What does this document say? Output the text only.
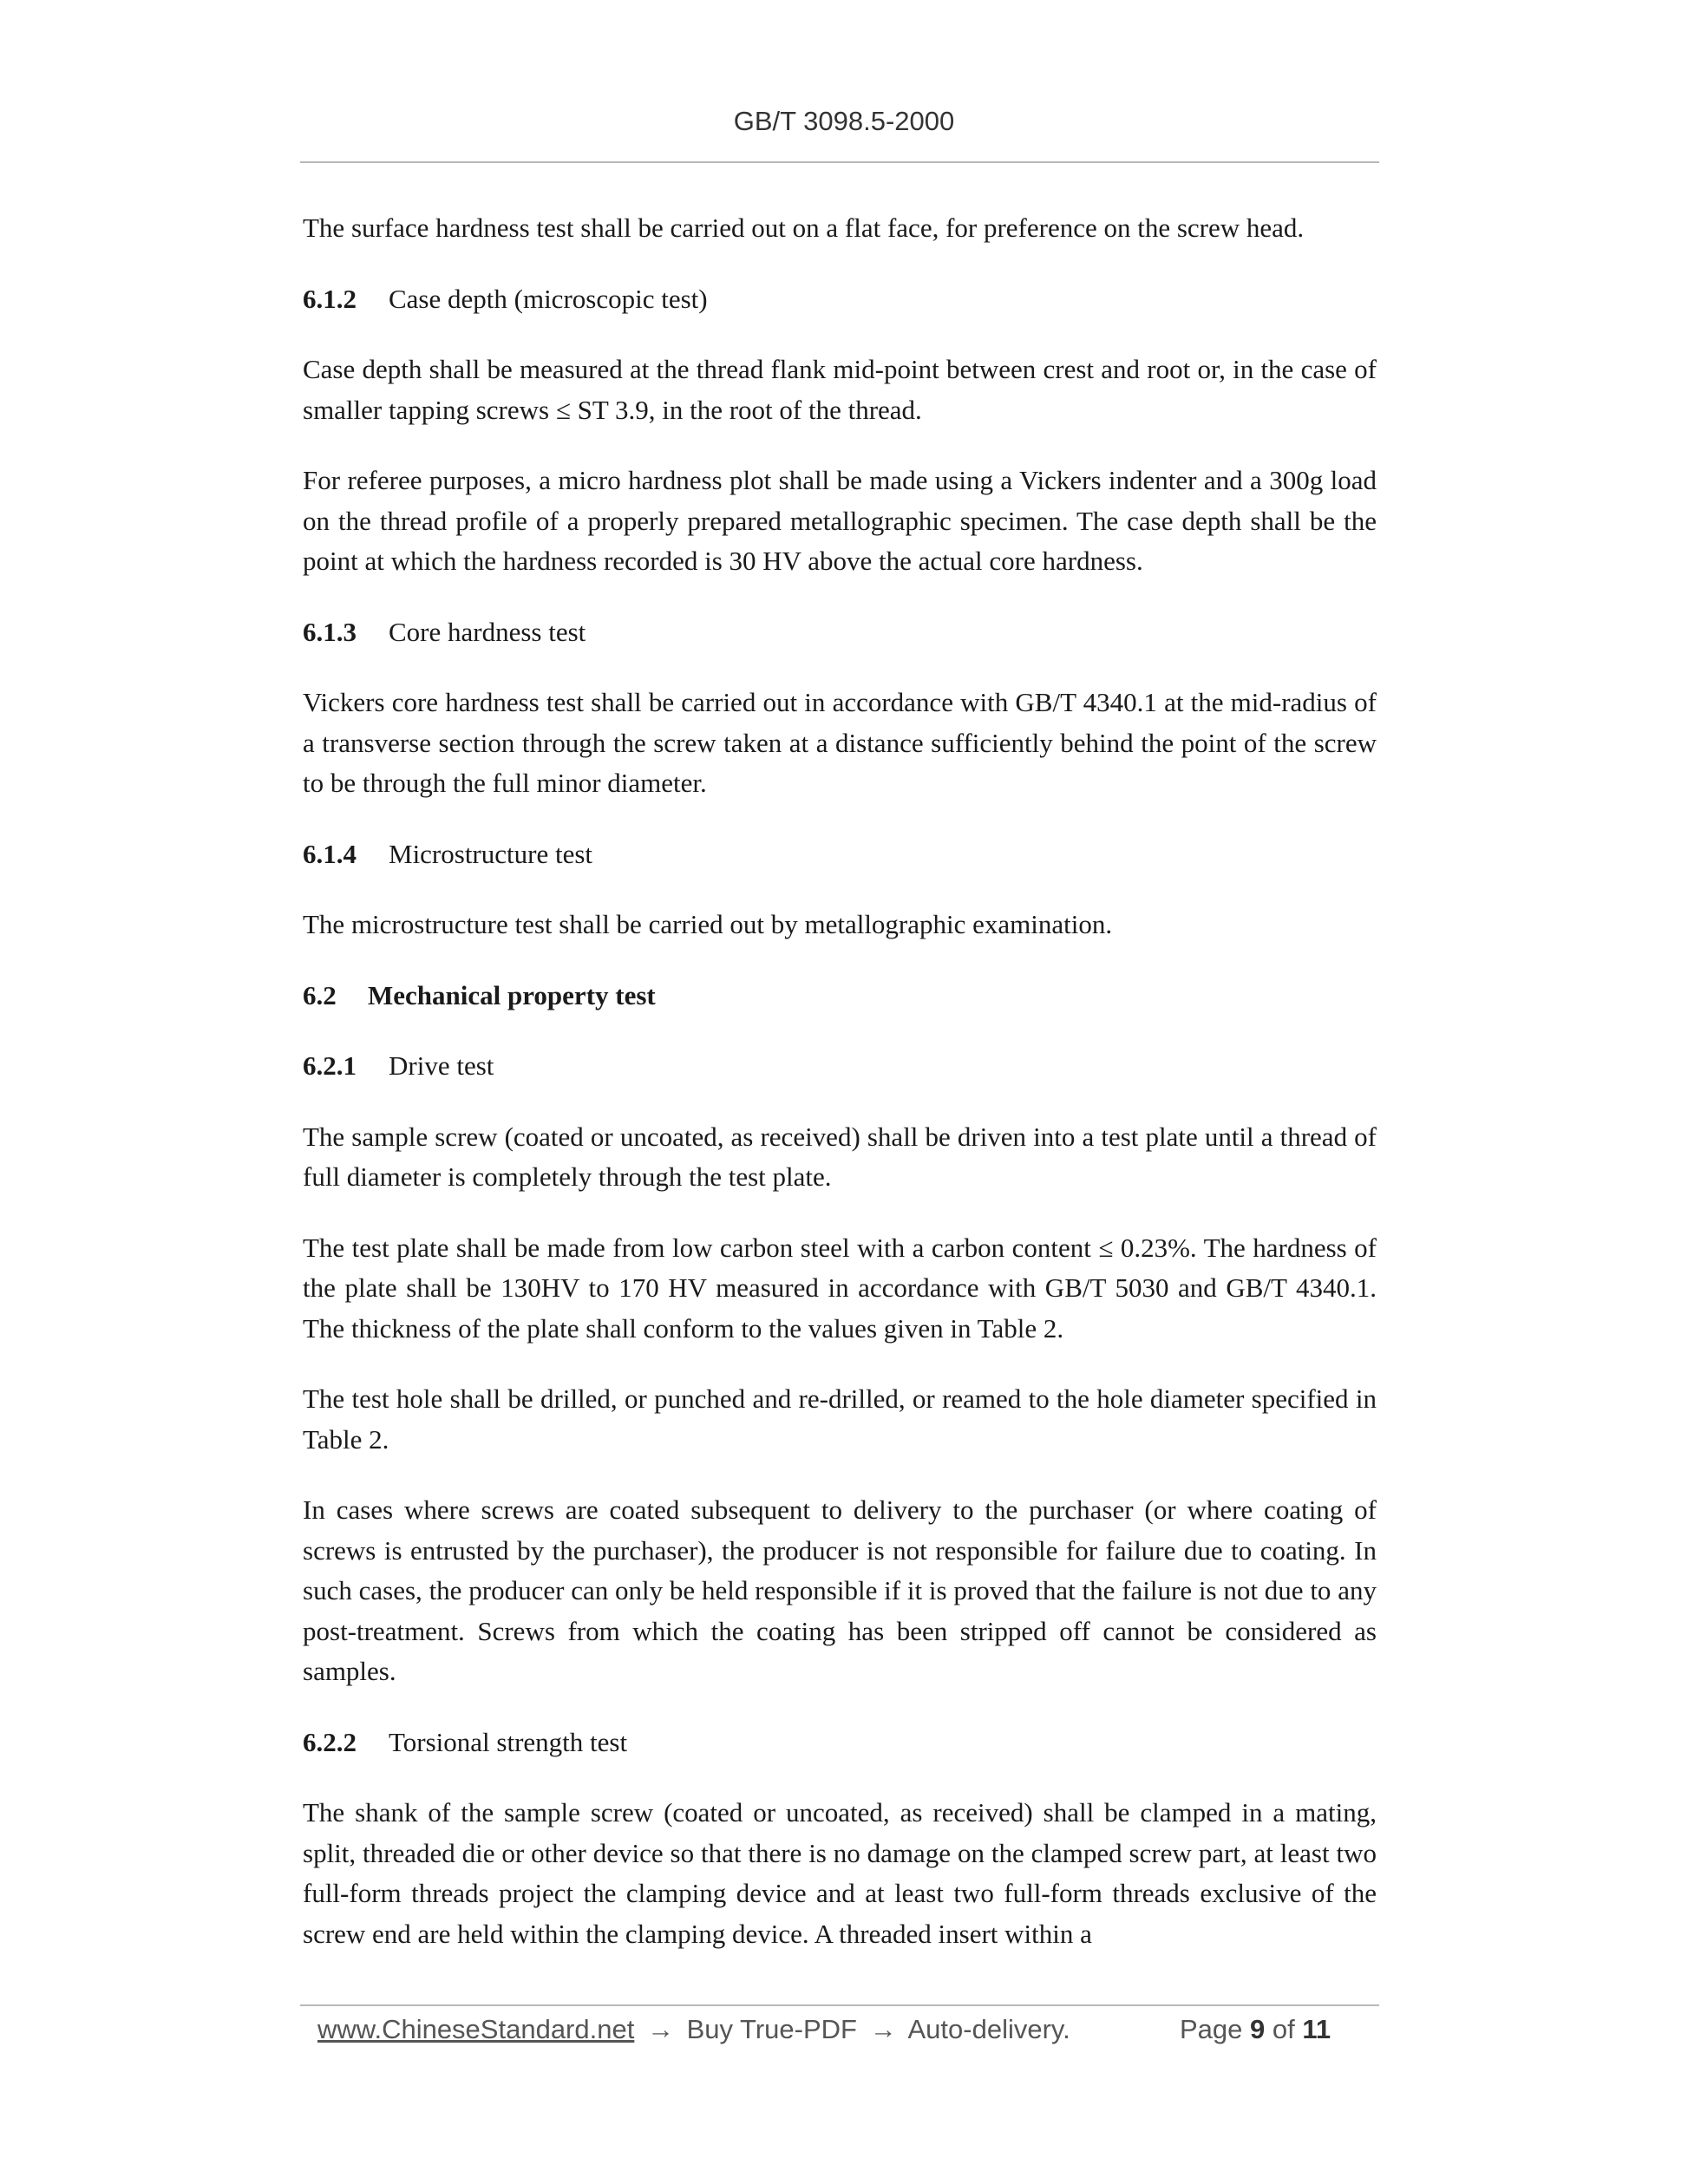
GB/T 3098.5-2000

The surface hardness test shall be carried out on a flat face, for preference on the screw head.

6.1.2 Case depth (microscopic test)

Case depth shall be measured at the thread flank mid-point between crest and root or, in the case of smaller tapping screws ≤ ST 3.9, in the root of the thread.

For referee purposes, a micro hardness plot shall be made using a Vickers indenter and a 300g load on the thread profile of a properly prepared metallographic specimen. The case depth shall be the point at which the hardness recorded is 30 HV above the actual core hardness.

6.1.3 Core hardness test

Vickers core hardness test shall be carried out in accordance with GB/T 4340.1 at the mid-radius of a transverse section through the screw taken at a distance sufficiently behind the point of the screw to be through the full minor diameter.

6.1.4 Microstructure test

The microstructure test shall be carried out by metallographic examination.

6.2 Mechanical property test

6.2.1 Drive test

The sample screw (coated or uncoated, as received) shall be driven into a test plate until a thread of full diameter is completely through the test plate.

The test plate shall be made from low carbon steel with a carbon content ≤ 0.23%. The hardness of the plate shall be 130HV to 170 HV measured in accordance with GB/T 5030 and GB/T 4340.1. The thickness of the plate shall conform to the values given in Table 2.

The test hole shall be drilled, or punched and re-drilled, or reamed to the hole diameter specified in Table 2.

In cases where screws are coated subsequent to delivery to the purchaser (or where coating of screws is entrusted by the purchaser), the producer is not responsible for failure due to coating. In such cases, the producer can only be held responsible if it is proved that the failure is not due to any post-treatment. Screws from which the coating has been stripped off cannot be considered as samples.

6.2.2 Torsional strength test

The shank of the sample screw (coated or uncoated, as received) shall be clamped in a mating, split, threaded die or other device so that there is no damage on the clamped screw part, at least two full-form threads project the clamping device and at least two full-form threads exclusive of the screw end are held within the clamping device. A threaded insert within a

www.ChineseStandard.net → Buy True-PDF → Auto-delivery.	Page 9 of 11
